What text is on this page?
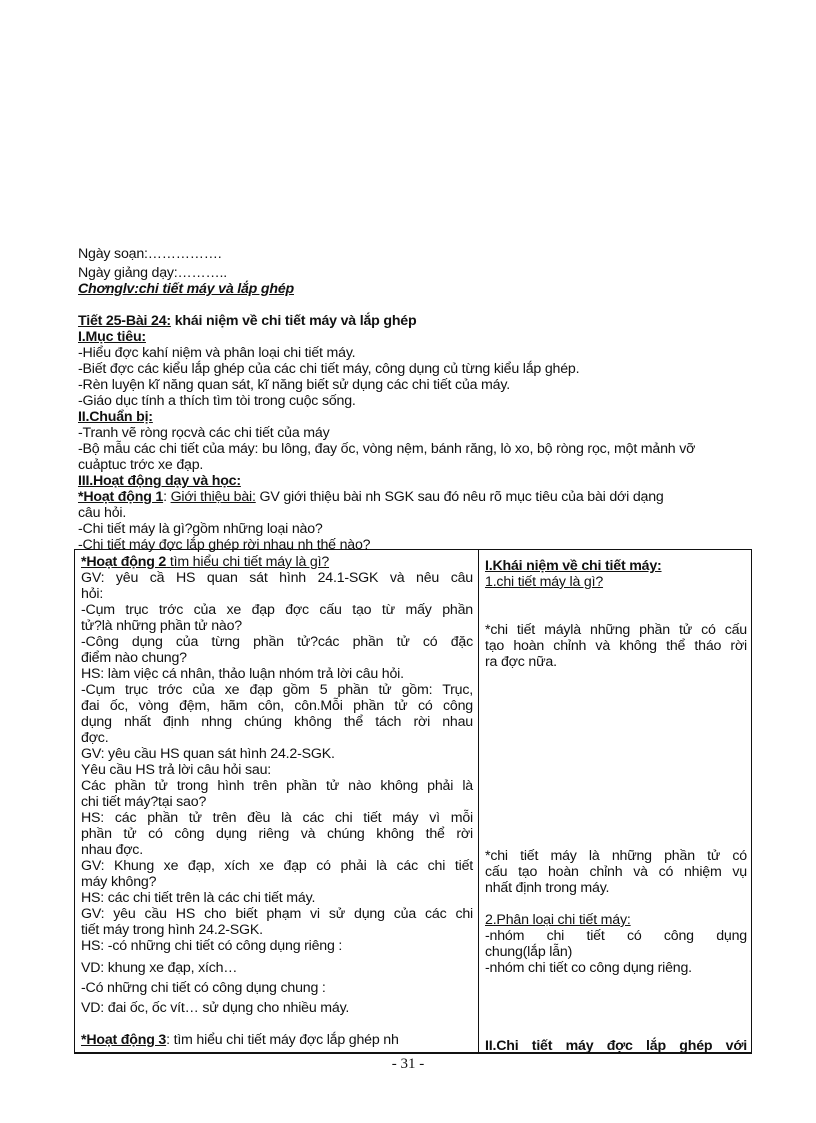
Ngày soạn:…………….
Ngày giảng dạy:………..
Chơnglv:chi tiết máy và lắp ghép
Tiết 25-Bài 24: khái niệm về chi tiết máy và lắp ghép
I.Mục tiêu:
-Hiểu đợc kahí niệm và phân loại chi tiết máy.
-Biết đợc các kiểu lắp ghép của các chi tiết máy, công dụng củ từng kiểu lắp ghép.
-Rèn luyện kĩ năng quan sát, kĩ năng biết sử dụng các chi tiết của máy.
-Giáo dục tính a thích tìm tòi trong cuộc sống.
II.Chuẩn bị:
-Tranh vẽ ròng rọcvà các chi tiết của máy
-Bộ mẫu các chi tiết của máy: bu lông, đay ốc, vòng nệm, bánh răng, lò xo, bộ ròng rọc, một mảnh vỡ
cuảptuc trớc xe đạp.
III.Hoạt động dạy và học:
*Hoạt động 1: Giới thiệu bài: GV giới thiệu bài nh SGK sau đó nêu rõ mục tiêu của bài dới dạng
câu hỏi.
-Chi tiết máy là gì?gồm những loại nào?
-Chi tiết máy đợc lắp ghép rời nhau nh thế nào?
*Hoạt động 2 tìm hiểu chi tiết máy là gì?
GV: yêu cầ HS quan sát hình 24.1-SGK và nêu câu
hỏi:
-Cụm trục trớc của xe đạp đợc cấu tạo từ mấy phần
tử?là những phần tử nào?
-Công dụng của từng phần tử?các phần tử có đặc
điểm nào chung?
HS: làm việc cá nhân, thảo luận nhóm trả lời câu hỏi.
-Cụm trục trớc của xe đạp gồm 5 phần tử gồm: Trục,
đai ốc, vòng đệm, hãm côn, côn.Mỗi phần tử có công
dụng nhất định nhng chúng không thể tách rời nhau
đợc.
GV: yêu cầu HS quan sát hình 24.2-SGK.
Yêu cầu HS trả lời câu hỏi sau:
Các phần tử trong hình trên phần tử nào không phải là
chi tiết máy?tại sao?
HS: các phần tử trên đều là các chi tiết máy vì mỗi
phần tử có công dụng riêng và chúng không thể rời
nhau đợc.
GV: Khung xe đạp, xích xe đạp có phải là các chi tiết
máy không?
HS: các chi tiết trên là các chi tiết máy.
GV: yêu cầu HS cho biết phạm vi sử dụng của các chi
tiết máy trong hình 24.2-SGK.
HS: -có những chi tiết có công dụng riêng :
VD: khung xe đạp, xích…
-Có những chi tiết có công dụng chung :
VD: đai ốc, ốc vít… sử dụng cho nhiều máy.
*Hoạt động 3: tìm hiểu chi tiết máy đợc lắp ghép nh
I.Khái niệm về chi tiết máy:
1.chi tiết máy là gì?
*chi tiết máylà những phần tử có cấu
tạo hoàn chỉnh và không thể tháo rời
ra đợc nữa.
*chi tiết máy là những phần tử có
cấu tạo hoàn chỉnh và có nhiệm vụ
nhất định trong máy.
2.Phân loại chi tiết máy:
-nhóm chi tiết có công dụng
chung(lắp lẫn)
-nhóm chi tiết co công dụng riêng.
II.Chi tiết máy đợc lắp ghép với
- 31 -
